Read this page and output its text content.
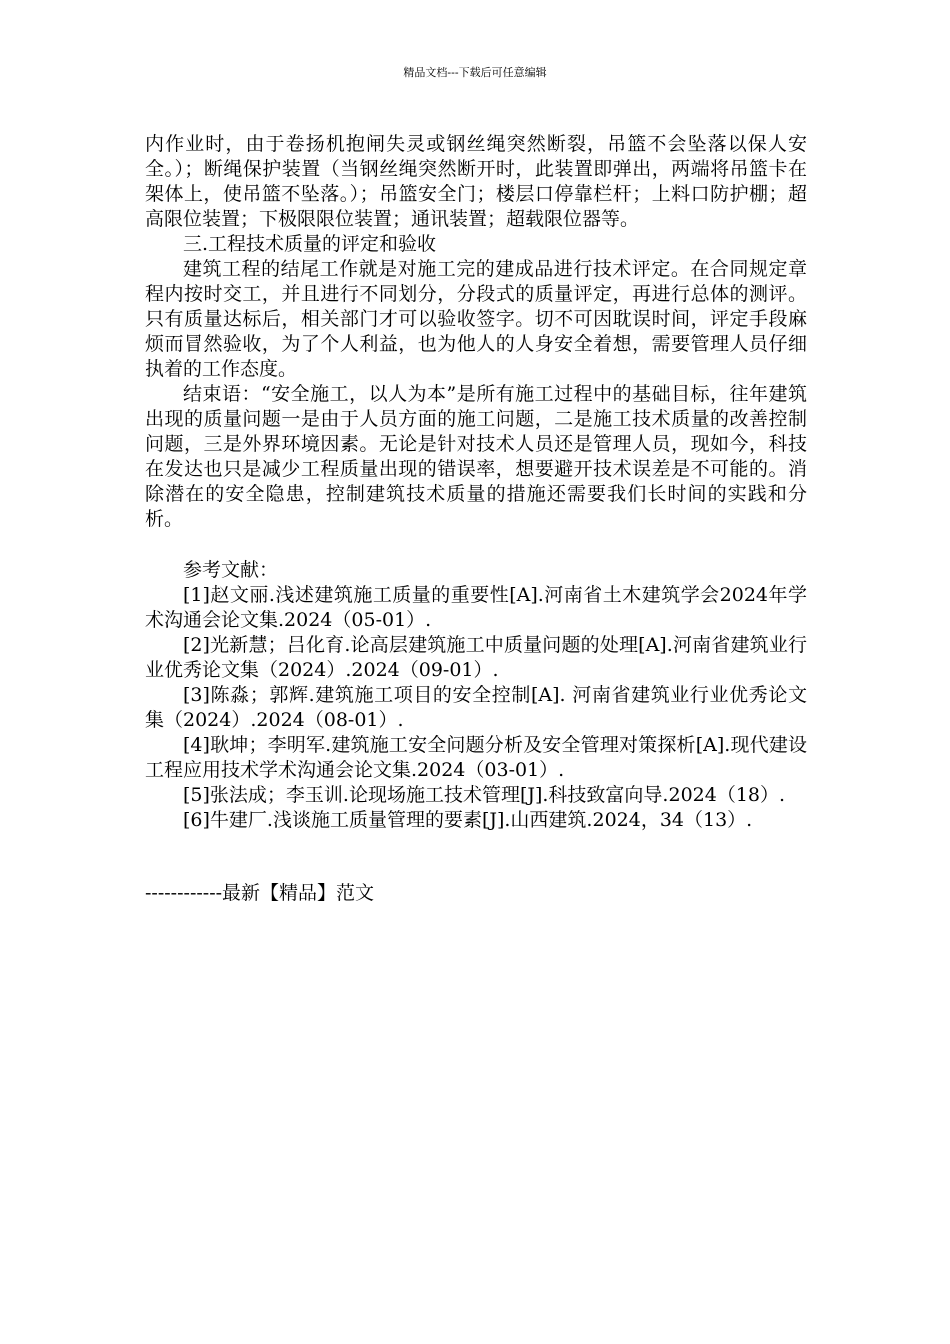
精品文档---下载后可任意编辑

内作业时，由于卷扬机抱闸失灵或钢丝绳突然断裂，吊篮不会坠落以保人安全。）；断绳保护装置（当钢丝绳突然断开时，此装置即弹出，两端将吊篮卡在架体上，使吊篮不坠落。）；吊篮安全门；楼层口停靠栏杆；上料口防护棚；超高限位装置；下极限限位装置；通讯装置；超载限位器等。

三.工程技术质量的评定和验收

建筑工程的结尾工作就是对施工完的建成品进行技术评定。在合同规定章程内按时交工，并且进行不同划分，分段式的质量评定，再进行总体的测评。只有质量达标后，相关部门才可以验收签字。切不可因耽误时间，评定手段麻烦而冒然验收，为了个人利益，也为他人的人身安全着想，需要管理人员仔细执着的工作态度。

结束语：“安全施工，以人为本”是所有施工过程中的基础目标，往年建筑出现的质量问题一是由于人员方面的施工问题，二是施工技术质量的改善控制问题，三是外界环境因素。无论是针对技术人员还是管理人员，现如今，科技在发达也只是减少工程质量出现的错误率，想要避开技术误差是不可能的。消除潜在的安全隐患，控制建筑技术质量的措施还需要我们长时间的实践和分析。

参考文献：

[1]赵文丽.浅述建筑施工质量的重要性[A].河南省土木建筑学会2024年学术沟通会论文集.2024（05-01）.

[2]光新慧；吕化育.论高层建筑施工中质量问题的处理[A].河南省建筑业行业优秀论文集（2024）.2024（09-01）.

[3]陈淼；郭辉.建筑施工项目的安全控制[A]. 河南省建筑业行业优秀论文集（2024）.2024（08-01）.

[4]耿坤；李明军.建筑施工安全问题分析及安全管理对策探析[A].现代建设工程应用技术学术沟通会论文集.2024（03-01）.

[5]张法成；李玉训.论现场施工技术管理[J].科技致富向导.2024（18）.

[6]牛建厂.浅谈施工质量管理的要素[J].山西建筑.2024，34（13）.

------------最新【精品】范文
